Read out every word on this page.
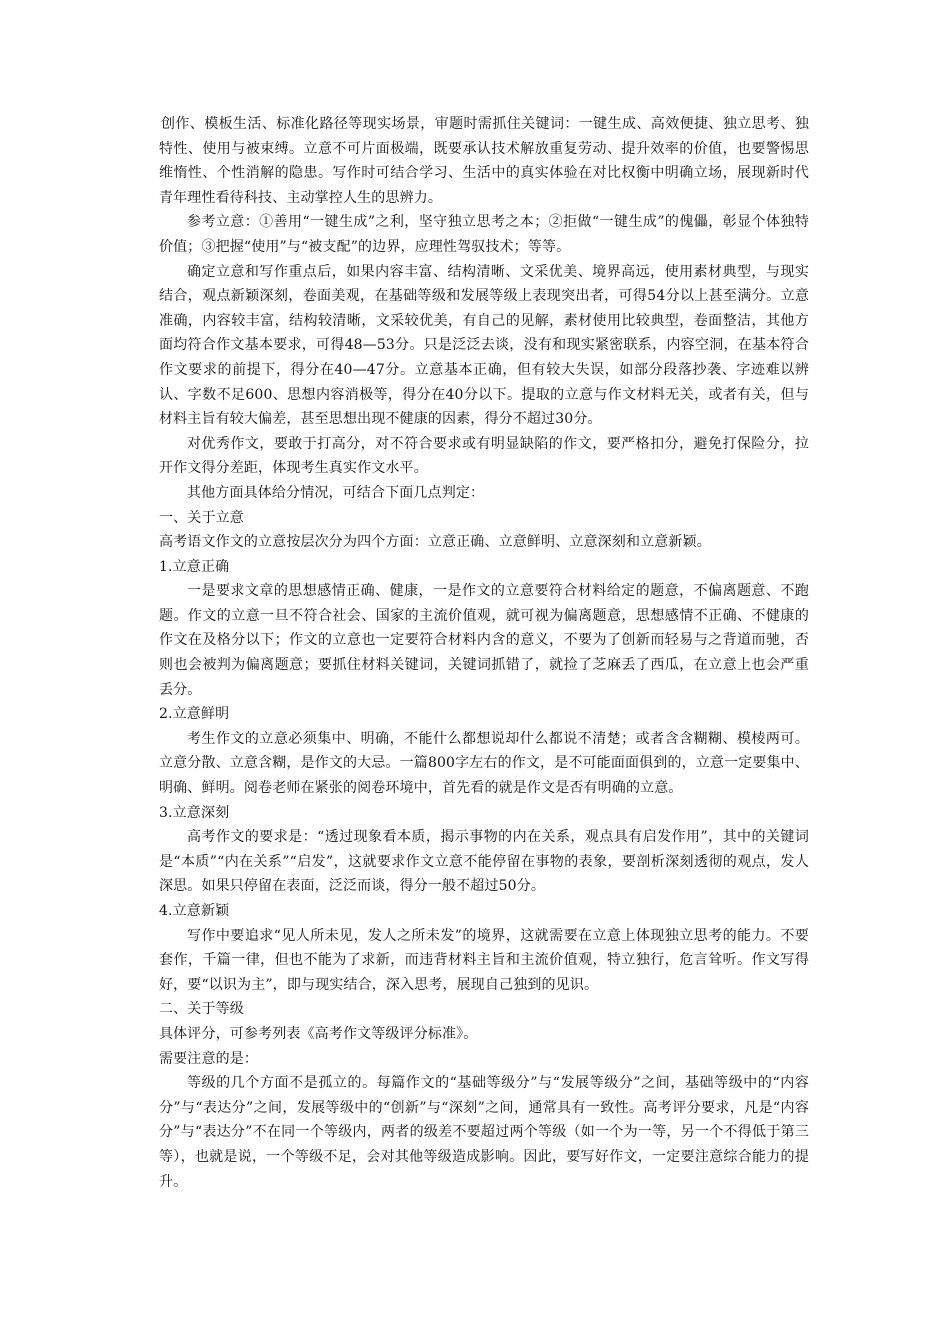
创作、模板生活、标准化路径等现实场景，审题时需抓住关键词：一键生成、高效便捷、独立思考、独特性、使用与被束缚。立意不可片面极端，既要承认技术解放重复劳动、提升效率的价值，也要警惕思维惰性、个性消解的隐患。写作时可结合学习、生活中的真实体验在对比权衡中明确立场，展现新时代青年理性看待科技、主动掌控人生的思辨力。

参考立意：①善用“一键生成”之利，坚守独立思考之本；②拒做“一键生成”的傀儡，彰显个体独特价值；③把握“使用”与“被支配”的边界，应理性驾驭技术；等等。

确定立意和写作重点后，如果内容丰富、结构清晰、文采优美、境界高远，使用素材典型，与现实结合，观点新颖深刻，卷面美观，在基础等级和发展等级上表现突出者，可得54分以上甚至满分。立意准确，内容较丰富，结构较清晰，文采较优美，有自己的见解，素材使用比较典型，卷面整洁，其他方面均符合作文基本要求，可得48—53分。只是泛泛去谈，没有和现实紧密联系，内容空洞，在基本符合作文要求的前提下，得分在40—47分。立意基本正确，但有较大失误，如部分段落抄袭、字迹难以辨认、字数不足600、思想内容消极等，得分在40分以下。提取的立意与作文材料无关，或者有关，但与材料主旨有较大偏差，甚至思想出现不健康的因素，得分不超过30分。

对优秀作文，要敢于打高分，对不符合要求或有明显缺陷的作文，要严格扣分，避免打保险分，拉开作文得分差距，体现考生真实作文水平。

其他方面具体给分情况，可结合下面几点判定：

一、关于立意

高考语文作文的立意按层次分为四个方面：立意正确、立意鲜明、立意深刻和立意新颖。

1.立意正确

一是要求文章的思想感情正确、健康，一是作文的立意要符合材料给定的题意，不偏离题意、不跑题。作文的立意一旦不符合社会、国家的主流价值观，就可视为偏离题意，思想感情不正确、不健康的作文在及格分以下；作文的立意也一定要符合材料内含的意义，不要为了创新而轻易与之背道而驰，否则也会被判为偏离题意；要抓住材料关键词，关键词抓错了，就捡了芝麻丢了西瓜，在立意上也会严重丢分。

2.立意鲜明

考生作文的立意必须集中、明确，不能什么都想说却什么都说不清楚；或者含含糊糊、模棱两可。立意分散、立意含糊，是作文的大忌。一篇800字左右的作文，是不可能面面俱到的，立意一定要集中、明确、鲜明。阅卷老师在紧张的阅卷环境中，首先看的就是作文是否有明确的立意。

3.立意深刻

高考作文的要求是：“透过现象看本质，揭示事物的内在关系，观点具有启发作用”，其中的关键词是“本质”“内在关系”“启发”，这就要求作文立意不能停留在事物的表象，要剖析深刻透彻的观点，发人深思。如果只停留在表面，泛泛而谈，得分一般不超过50分。

4.立意新颖

写作中要追求“见人所未见，发人之所未发”的境界，这就需要在立意上体现独立思考的能力。不要套作，千篇一律，但也不能为了求新，而违背材料主旨和主流价值观，特立独行，危言耸听。作文写得好，要“以识为主”，即与现实结合，深入思考，展现自己独到的见识。

二、关于等级

具体评分，可参考列表《高考作文等级评分标准》。

需要注意的是：

等级的几个方面不是孤立的。每篇作文的“基础等级分”与“发展等级分”之间，基础等级中的“内容分”与“表达分”之间，发展等级中的“创新”与“深刻”之间，通常具有一致性。高考评分要求，凡是“内容分”与“表达分”不在同一个等级内，两者的级差不要超过两个等级（如一个为一等，另一个不得低于第三等），也就是说，一个等级不足，会对其他等级造成影响。因此，要写好作文，一定要注意综合能力的提升。
